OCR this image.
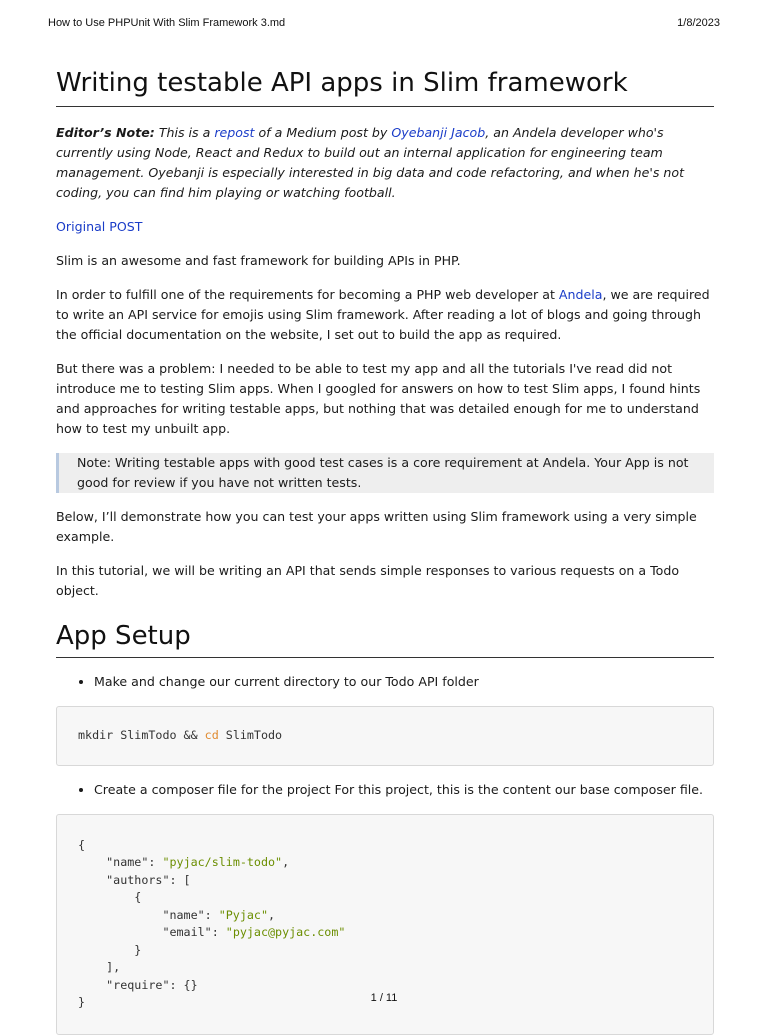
How to Use PHPUnit With Slim Framework 3.md	1/8/2023
Writing testable API apps in Slim framework

Editor’s Note: This is a repost of a Medium post by Oyebanji Jacob, an Andela developer who's currently using Node, React and Redux to build out an internal application for engineering team management. Oyebanji is especially interested in big data and code refactoring, and when he's not coding, you can find him playing or watching football.

Original POST

Slim is an awesome and fast framework for building APIs in PHP.

In order to fulfill one of the requirements for becoming a PHP web developer at Andela, we are required to write an API service for emojis using Slim framework. After reading a lot of blogs and going through the official documentation on the website, I set out to build the app as required.

But there was a problem: I needed to be able to test my app and all the tutorials I've read did not introduce me to testing Slim apps. When I googled for answers on how to test Slim apps, I found hints and approaches for writing testable apps, but nothing that was detailed enough for me to understand how to test my unbuilt app.

Note: Writing testable apps with good test cases is a core requirement at Andela. Your App is not good for review if you have not written tests.

Below, I’ll demonstrate how you can test your apps written using Slim framework using a very simple example.

In this tutorial, we will be writing an API that sends simple responses to various requests on a Todo object.

App Setup
• Make and change our current directory to our Todo API folder
mkdir SlimTodo && cd SlimTodo
• Create a composer file for the project For this project, this is the content our base composer file.
{
"name": "pyjac/slim-todo",
"authors": [
{
"name": "Pyjac",
"email": "pyjac@pyjac.com"
}
],
"require": {}
}	1 / 11
